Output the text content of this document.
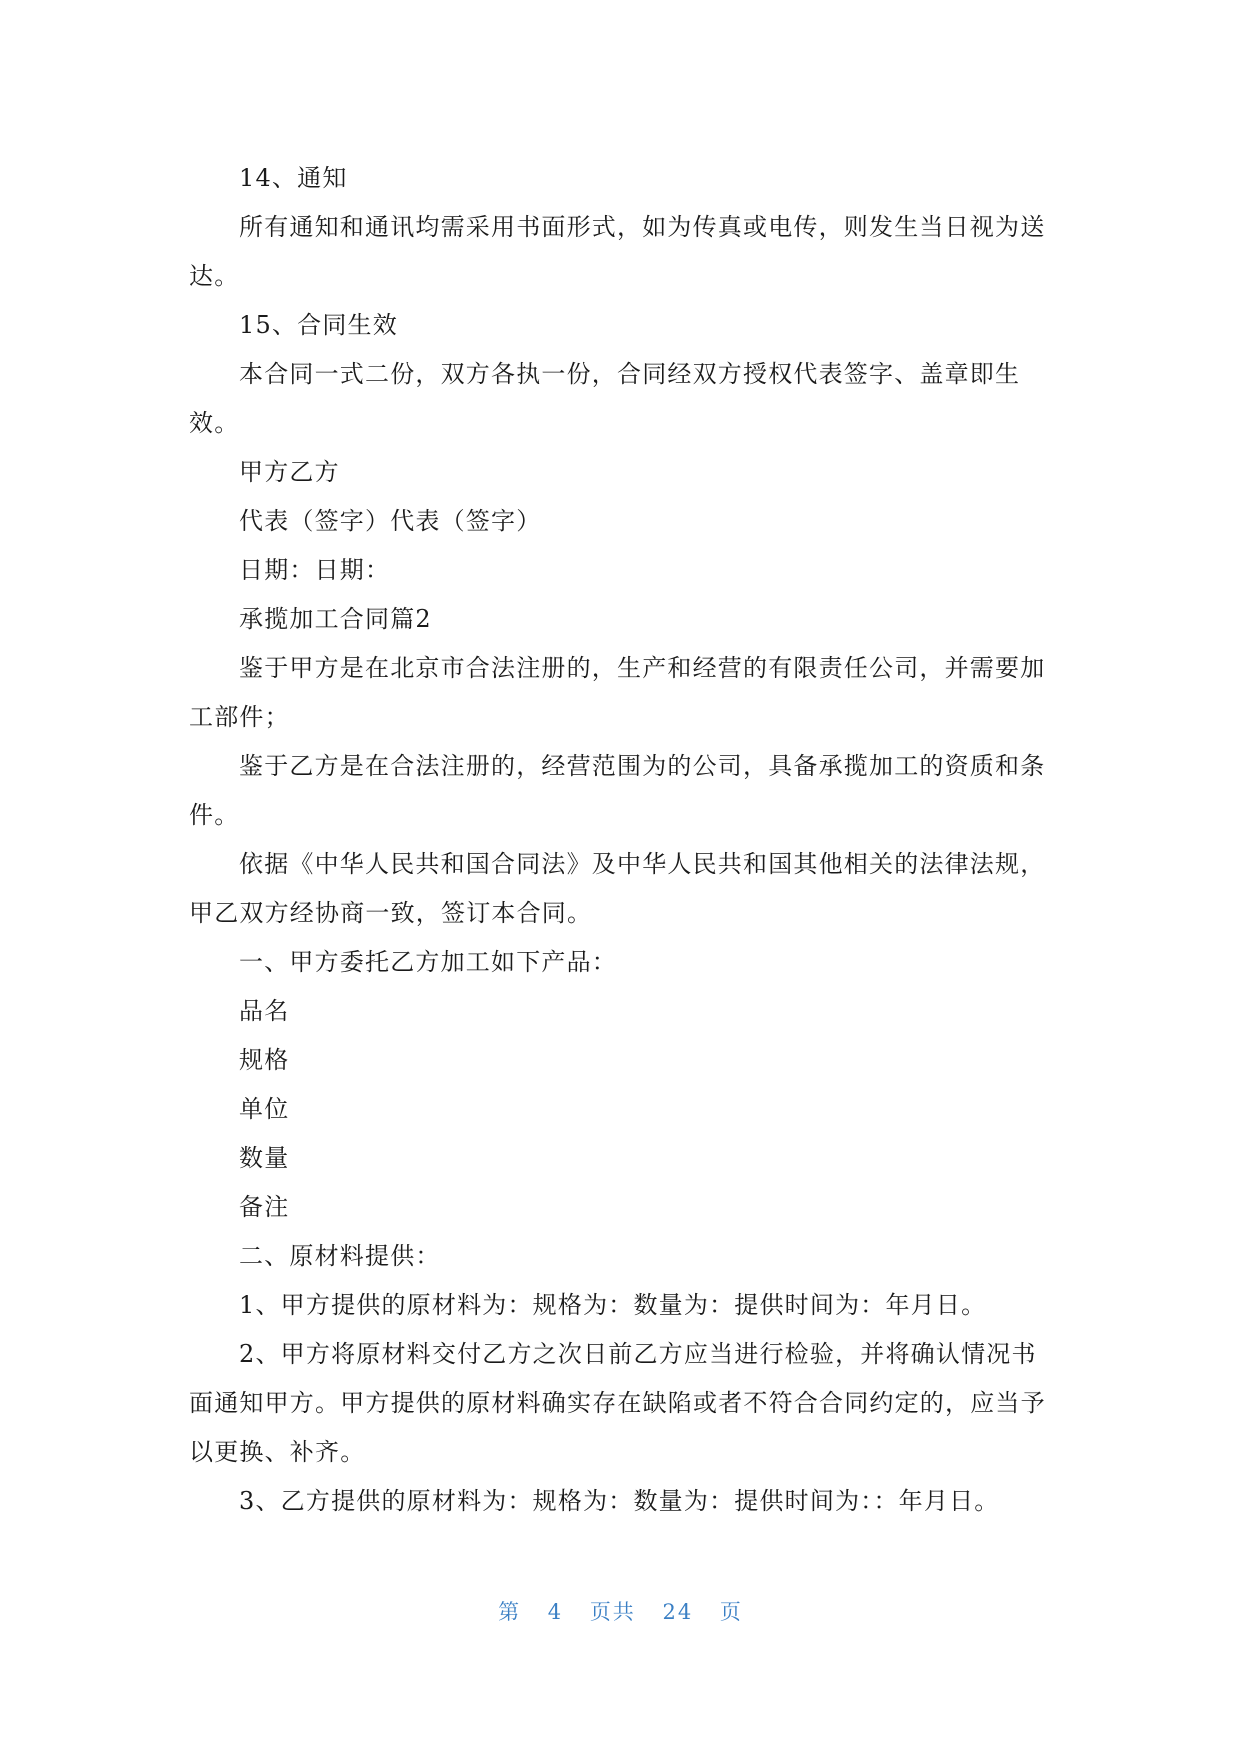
14、通知

所有通知和通讯均需采用书面形式，如为传真或电传，则发生当日视为送达。

15、合同生效

本合同一式二份，双方各执一份，合同经双方授权代表签字、盖章即生效。

甲方乙方

代表（签字）代表（签字）

日期：日期：

承揽加工合同篇2

鉴于甲方是在北京市合法注册的，生产和经营的有限责任公司，并需要加工部件；

鉴于乙方是在合法注册的，经营范围为的公司，具备承揽加工的资质和条件。

依据《中华人民共和国合同法》及中华人民共和国其他相关的法律法规，甲乙双方经协商一致，签订本合同。

一、甲方委托乙方加工如下产品：

品名

规格

单位

数量

备注

二、原材料提供：

1、甲方提供的原材料为：规格为：数量为：提供时间为：年月日。

2、甲方将原材料交付乙方之次日前乙方应当进行检验，并将确认情况书面通知甲方。甲方提供的原材料确实存在缺陷或者不符合合同约定的，应当予以更换、补齐。

3、乙方提供的原材料为：规格为：数量为：提供时间为：：年月日。

第 4 页共 24 页
